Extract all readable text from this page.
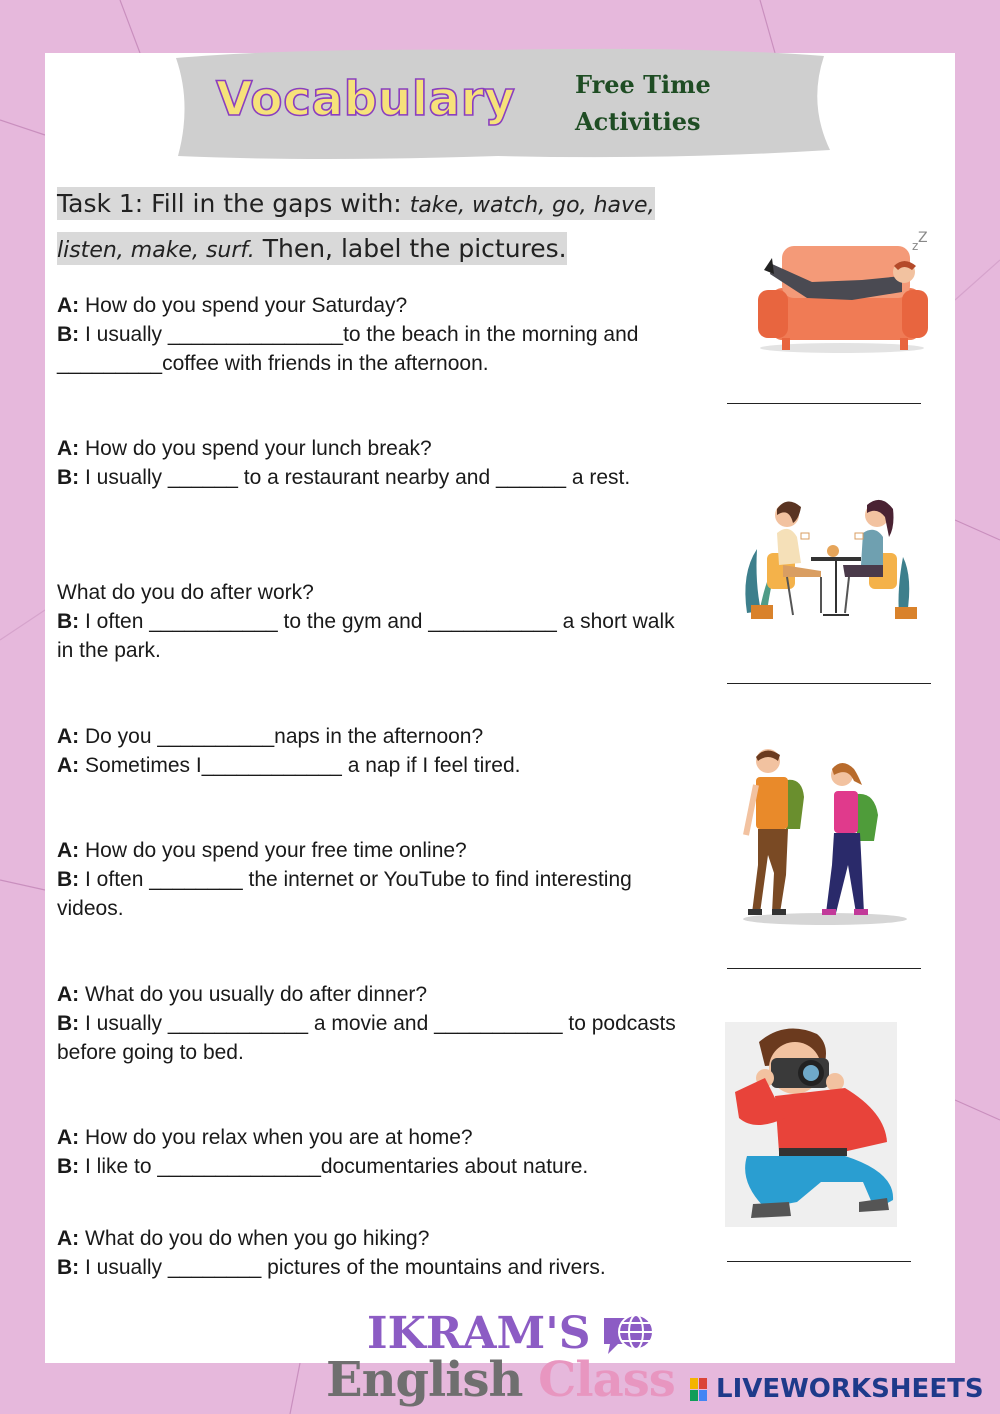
Vocabulary Free Time
Activities
Task 1: Fill in the gaps with: take, watch, go, have, listen, make, surf. Then, label the pictures.
A: How do you spend your Saturday?
B: I usually _______________to the beach in the morning and _________coffee with friends in the afternoon.
A: How do you spend your lunch break?
B: I usually ______ to a restaurant nearby and ______ a rest.
What do you do after work?
B: I often ___________ to the gym and ___________ a short walk in the park.
A: Do you __________naps in the afternoon?
A: Sometimes I____________ a nap if I feel tired.
A: How do you spend your free time online?
B: I often ________ the internet or YouTube to find interesting videos.
A: What do you usually do after dinner?
B: I usually ____________ a movie and ___________ to podcasts before going to bed.
A: How do you relax when you are at home?
B: I like to ______________documentaries about nature.
A: What do you do when you go hiking?
B: I usually ________ pictures of the mountains and rivers.
z Z
IKRAM'S
English Class LIVEWORKSHEETS
